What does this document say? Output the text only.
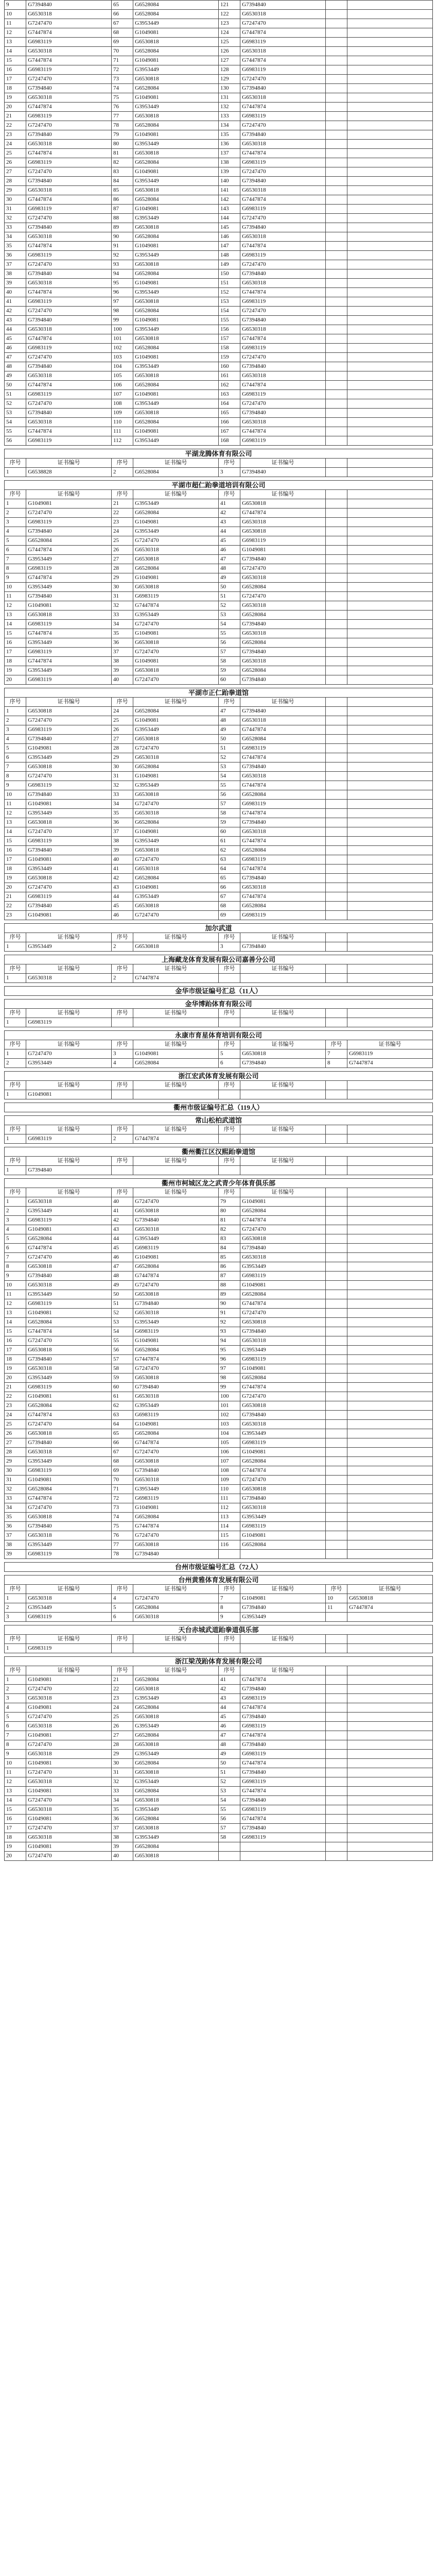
9	G7394840	65	G6528084	121	G7394840		
10	G6530318	66	G6528084	122	G6530318		
11	G7247470	67	G3953449	123	G7247470		
12	G7447874	68	G1049081	124	G7447874		
13	G6983119	69	G6530818	125	G6983119		
14	G6530318	70	G6528084	126	G6530318		
15	G7447874	71	G1049081	127	G7447874		
16	G6983119	72	G3953449	128	G6983119		
17	G7247470	73	G6530818	129	G7247470		
18	G7394840	74	G6528084	130	G7394840		
19	G6530318	75	G1049081	131	G6530318		
20	G7447874	76	G3953449	132	G7447874		
21	G6983119	77	G6530818	133	G6983119		
22	G7247470	78	G6528084	134	G7247470		
23	G7394840	79	G1049081	135	G7394840		
24	G6530318	80	G3953449	136	G6530318		
25	G7447874	81	G6530818	137	G7447874		
26	G6983119	82	G6528084	138	G6983119		
27	G7247470	83	G1049081	139	G7247470		
28	G7394840	84	G3953449	140	G7394840		
29	G6530318	85	G6530818	141	G6530318		
30	G7447874	86	G6528084	142	G7447874		
31	G6983119	87	G1049081	143	G6983119		
32	G7247470	88	G3953449	144	G7247470		
33	G7394840	89	G6530818	145	G7394840		
34	G6530318	90	G6528084	146	G6530318		
35	G7447874	91	G1049081	147	G7447874		
36	G6983119	92	G3953449	148	G6983119		
37	G7247470	93	G6530818	149	G7247470		
38	G7394840	94	G6528084	150	G7394840		
39	G6530318	95	G1049081	151	G6530318		
40	G7447874	96	G3953449	152	G7447874		
41	G6983119	97	G6530818	153	G6983119		
42	G7247470	98	G6528084	154	G7247470		
43	G7394840	99	G1049081	155	G7394840		
44	G6530318	100	G3953449	156	G6530318		
45	G7447874	101	G6530818	157	G7447874		
46	G6983119	102	G6528084	158	G6983119		
47	G7247470	103	G1049081	159	G7247470		
48	G7394840	104	G3953449	160	G7394840		
49	G6530318	105	G6530818	161	G6530318		
50	G7447874	106	G6528084	162	G7447874		
51	G6983119	107	G1049081	163	G6983119		
52	G7247470	108	G3953449	164	G7247470		
53	G7394840	109	G6530818	165	G7394840		
54	G6530318	110	G6528084	166	G6530318		
55	G7447874	111	G1049081	167	G7447874		
56	G6983119	112	G3953449	168	G6983119		

平湖龙腾体育有限公司							
序号	证书编号	序号	证书编号	序号	证书编号		
1	G6538828	2	G6528084	3	G7394840		

平湖市超仁跆拳道培训有限公司							
序号	证书编号	序号	证书编号	序号	证书编号		
1	G1049081	21	G3953449	41	G6530818		
2	G7247470	22	G6528084	42	G7447874		
3	G6983119	23	G1049081	43	G6530318		
4	G7394840	24	G3953449	44	G6530818		
5	G6528084	25	G7247470	45	G6983119		
6	G7447874	26	G6530318	46	G1049081		
7	G3953449	27	G6530818	47	G7394840		
8	G6983119	28	G6528084	48	G7247470		
9	G7447874	29	G1049081	49	G6530318		
10	G3953449	30	G6530818	50	G6528084		
11	G7394840	31	G6983119	51	G7247470		
12	G1049081	32	G7447874	52	G6530318		
13	G6530818	33	G3953449	53	G6528084		
14	G6983119	34	G7247470	54	G7394840		
15	G7447874	35	G1049081	55	G6530318		
16	G3953449	36	G6530818	56	G6528084		
17	G6983119	37	G7247470	57	G7394840		
18	G7447874	38	G1049081	58	G6530318		
19	G3953449	39	G6530818	59	G6528084		
20	G6983119	40	G7247470	60	G7394840		

平湖市正仁跆拳道馆							
序号	证书编号	序号	证书编号	序号	证书编号		
1	G6530818	24	G6528084	47	G7394840		
2	G7247470	25	G1049081	48	G6530318		
3	G6983119	26	G3953449	49	G7447874		
4	G7394840	27	G6530818	50	G6528084		
5	G1049081	28	G7247470	51	G6983119		
6	G3953449	29	G6530318	52	G7447874		
7	G6530818	30	G6528084	53	G7394840		
8	G7247470	31	G1049081	54	G6530318		
9	G6983119	32	G3953449	55	G7447874		
10	G7394840	33	G6530818	56	G6528084		
11	G1049081	34	G7247470	57	G6983119		
12	G3953449	35	G6530318	58	G7447874		
13	G6530818	36	G6528084	59	G7394840		
14	G7247470	37	G1049081	60	G6530318		
15	G6983119	38	G3953449	61	G7447874		
16	G7394840	39	G6530818	62	G6528084		
17	G1049081	40	G7247470	63	G6983119		
18	G3953449	41	G6530318	64	G7447874		
19	G6530818	42	G6528084	65	G7394840		
20	G7247470	43	G1049081	66	G6530318		
21	G6983119	44	G3953449	67	G7447874		
22	G7394840	45	G6530818	68	G6528084		
23	G1049081	46	G7247470	69	G6983119		

加尔武道							
序号	证书编号	序号	证书编号	序号	证书编号		
1	G3953449	2	G6530818	3	G7394840		

上海藏龙体育发展有限公司嘉善分公司							
序号	证书编号	序号	证书编号	序号	证书编号		
1	G6530318	2	G7447874				

金华市级证编号汇总（11人）							

金华博跆体育有限公司							
序号	证书编号	序号	证书编号	序号	证书编号		
1	G6983119						

永康市育星体育培训有限公司							
序号	证书编号	序号	证书编号	序号	证书编号	序号	证书编号
1	G7247470	3	G1049081	5	G6530818	7	G6983119
2	G3953449	4	G6528084	6	G7394840	8	G7447874

浙江宏武体育发展有限公司							
序号	证书编号	序号	证书编号	序号	证书编号		
1	G1049081						

衢州市级证编号汇总（119人）							

常山松柏武道馆							
序号	证书编号	序号	证书编号	序号	证书编号		
1	G6983119	2	G7447874				

衢州衢江区汉熙跆拳道馆							
序号	证书编号	序号	证书编号	序号	证书编号		
1	G7394840						

衢州市柯城区龙之武青少年体育俱乐部							
序号	证书编号	序号	证书编号	序号	证书编号		
1	G6530318	40	G7247470	79	G1049081		
2	G3953449	41	G6530818	80	G6528084		
3	G6983119	42	G7394840	81	G7447874		
4	G1049081	43	G6530318	82	G7247470		
5	G6528084	44	G3953449	83	G6530818		
6	G7447874	45	G6983119	84	G7394840		
7	G7247470	46	G1049081	85	G6530318		
8	G6530818	47	G6528084	86	G3953449		
9	G7394840	48	G7447874	87	G6983119		
10	G6530318	49	G7247470	88	G1049081		
11	G3953449	50	G6530818	89	G6528084		
12	G6983119	51	G7394840	90	G7447874		
13	G1049081	52	G6530318	91	G7247470		
14	G6528084	53	G3953449	92	G6530818		
15	G7447874	54	G6983119	93	G7394840		
16	G7247470	55	G1049081	94	G6530318		
17	G6530818	56	G6528084	95	G3953449		
18	G7394840	57	G7447874	96	G6983119		
19	G6530318	58	G7247470	97	G1049081		
20	G3953449	59	G6530818	98	G6528084		
21	G6983119	60	G7394840	99	G7447874		
22	G1049081	61	G6530318	100	G7247470		
23	G6528084	62	G3953449	101	G6530818		
24	G7447874	63	G6983119	102	G7394840		
25	G7247470	64	G1049081	103	G6530318		
26	G6530818	65	G6528084	104	G3953449		
27	G7394840	66	G7447874	105	G6983119		
28	G6530318	67	G7247470	106	G1049081		
29	G3953449	68	G6530818	107	G6528084		
30	G6983119	69	G7394840	108	G7447874		
31	G1049081	70	G6530318	109	G7247470		
32	G6528084	71	G3953449	110	G6530818		
33	G7447874	72	G6983119	111	G7394840		
34	G7247470	73	G1049081	112	G6530318		
35	G6530818	74	G6528084	113	G3953449		
36	G7394840	75	G7447874	114	G6983119		
37	G6530318	76	G7247470	115	G1049081		
38	G3953449	77	G6530818	116	G6528084		
39	G6983119	78	G7394840				

台州市级证编号汇总（72人）							

台州黄雅体育发展有限公司							
序号	证书编号	序号	证书编号	序号	证书编号	序号	证书编号
1	G6530318	4	G7247470	7	G1049081	10	G6530818
2	G3953449	5	G6528084	8	G7394840	11	G7447874
3	G6983119	6	G6530318	9	G3953449		

天台赤城武道跆拳道俱乐部							
序号	证书编号	序号	证书编号	序号	证书编号		
1	G6983119						

浙江梁茂跆体育发展有限公司							
序号	证书编号	序号	证书编号	序号	证书编号		
1	G1049081	21	G6528084	41	G7447874		
2	G7247470	22	G6530818	42	G7394840		
3	G6530318	23	G3953449	43	G6983119		
4	G1049081	24	G6528084	44	G7447874		
5	G7247470	25	G6530818	45	G7394840		
6	G6530318	26	G3953449	46	G6983119		
7	G1049081	27	G6528084	47	G7447874		
8	G7247470	28	G6530818	48	G7394840		
9	G6530318	29	G3953449	49	G6983119		
10	G1049081	30	G6528084	50	G7447874		
11	G7247470	31	G6530818	51	G7394840		
12	G6530318	32	G3953449	52	G6983119		
13	G1049081	33	G6528084	53	G7447874		
14	G7247470	34	G6530818	54	G7394840		
15	G6530318	35	G3953449	55	G6983119		
16	G1049081	36	G6528084	56	G7447874		
17	G7247470	37	G6530818	57	G7394840		
18	G6530318	38	G3953449	58	G6983119		
19	G1049081	39	G6528084				
20	G7247470	40	G6530818				
